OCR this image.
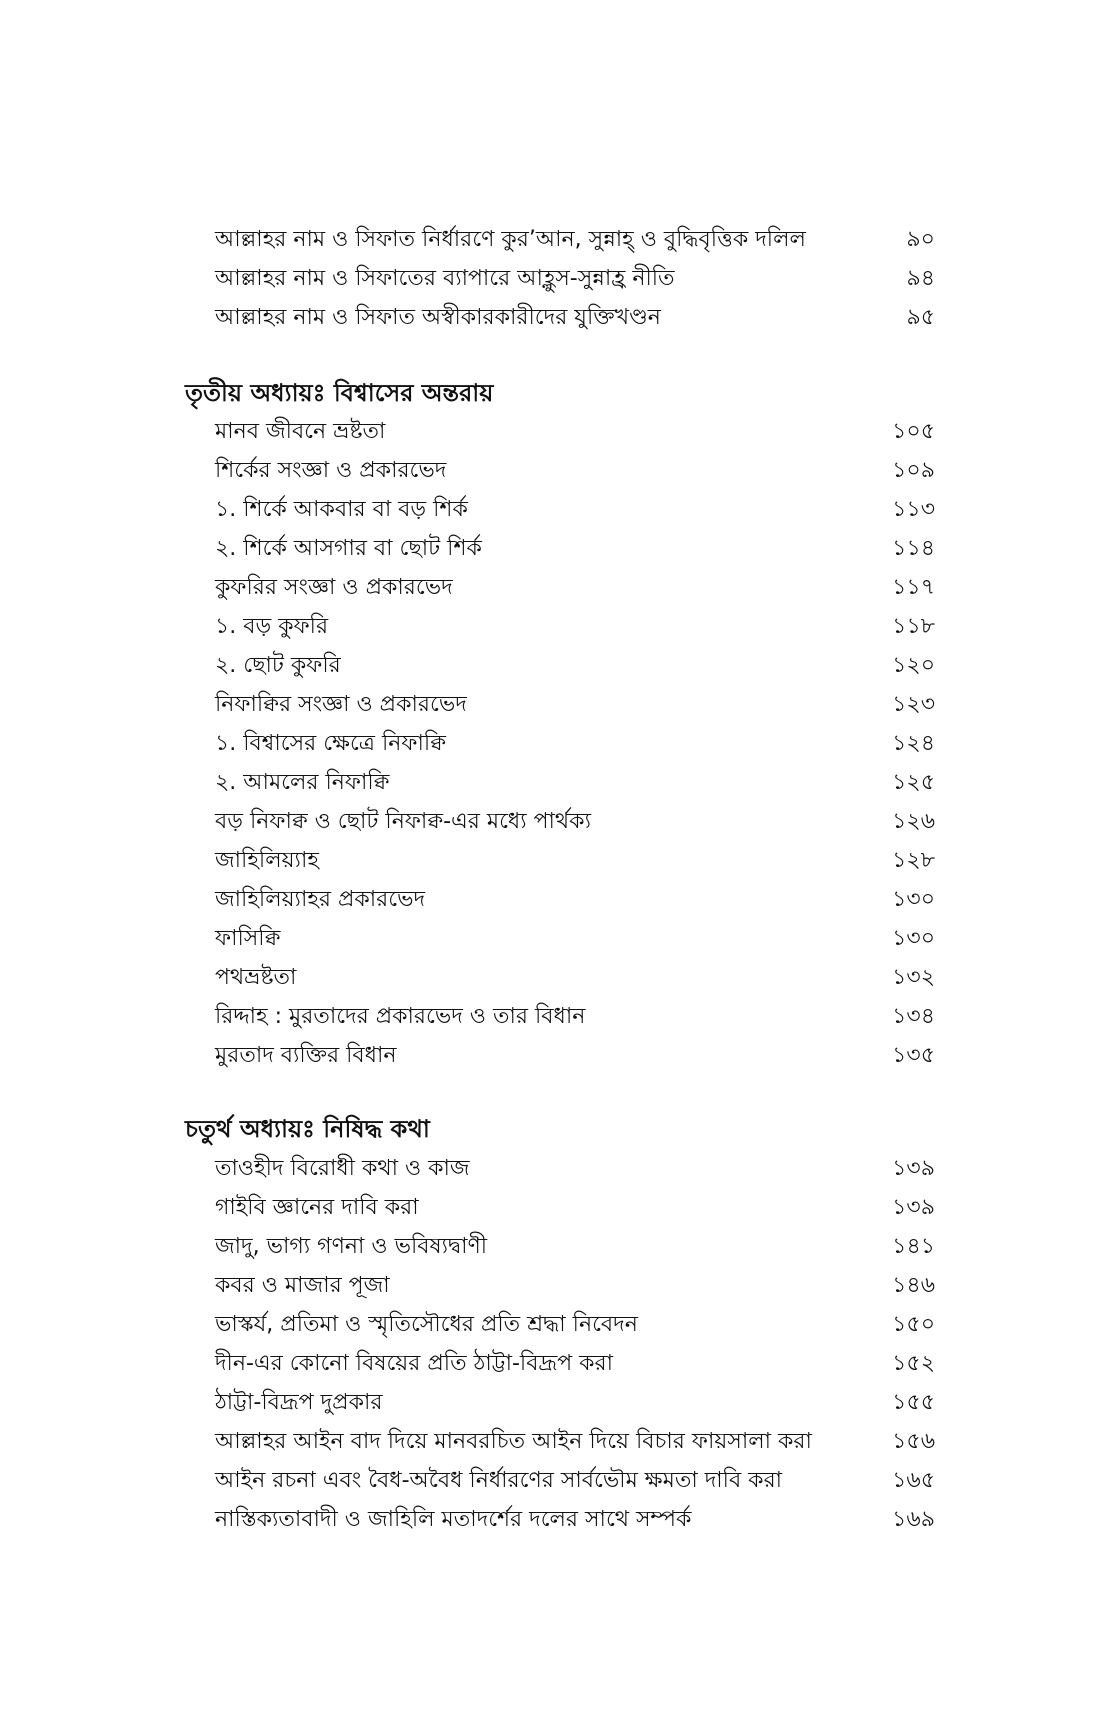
আল্লাহর নাম ও সিফাত নির্ধারণে কুর’আন, সুন্নাহ্ ও বুদ্ধিবৃত্তিক দলিল	৯০
আল্লাহর নাম ও সিফাতের ব্যাপারে আহ্লুস-সুন্নাহ্র নীতি	৯৪
আল্লাহর নাম ও সিফাত অস্বীকারকারীদের যুক্তিখণ্ডন	৯৫
তৃতীয় অধ্যায়ঃ বিশ্বাসের অন্তরায়
মানব জীবনে ভ্রষ্টতা	১০৫
শির্কের সংজ্ঞা ও প্রকারভেদ	১০৯
১. শির্কে আকবার বা বড় শির্ক	১১৩
২. শির্কে আসগার বা ছোট শির্ক	১১৪
কুফরির সংজ্ঞা ও প্রকারভেদ	১১৭
১. বড় কুফরি	১১৮
২. ছোট কুফরি	১২০
নিফাক্বির সংজ্ঞা ও প্রকারভেদ	১২৩
১. বিশ্বাসের ক্ষেত্রে নিফাক্বি	১২৪
২. আমলের নিফাক্বি	১২৫
বড় নিফাক্ব ও ছোট নিফাক্ব-এর মধ্যে পার্থক্য	১২৬
জাহিলিয়্যাহ	১২৮
জাহিলিয়্যাহর প্রকারভেদ	১৩০
ফাসিক্বি	১৩০
পথভ্রষ্টতা	১৩২
রিদ্দাহ : মুরতাদের প্রকারভেদ ও তার বিধান	১৩৪
মুরতাদ ব্যক্তির বিধান	১৩৫
চতুর্থ অধ্যায়ঃ নিষিদ্ধ কথা
তাওহীদ বিরোধী কথা ও কাজ	১৩৯
গাইবি জ্ঞানের দাবি করা	১৩৯
জাদু, ভাগ্য গণনা ও ভবিষ্যদ্বাণী	১৪১
কবর ও মাজার পূজা	১৪৬
ভাস্কর্য, প্রতিমা ও স্মৃতিসৌধের প্রতি শ্রদ্ধা নিবেদন	১৫০
দীন-এর কোনো বিষয়ের প্রতি ঠাট্টা-বিদ্রূপ করা	১৫২
ঠাট্টা-বিদ্রূপ দুপ্রকার	১৫৫
আল্লাহর আইন বাদ দিয়ে মানবরচিত আইন দিয়ে বিচার ফায়সালা করা	১৫৬
আইন রচনা এবং বৈধ-অবৈধ নির্ধারণের সার্বভৌম ক্ষমতা দাবি করা	১৬৫
নাস্তিক্যতাবাদী ও জাহিলি মতাদর্শের দলের সাথে সম্পর্ক	১৬৯
